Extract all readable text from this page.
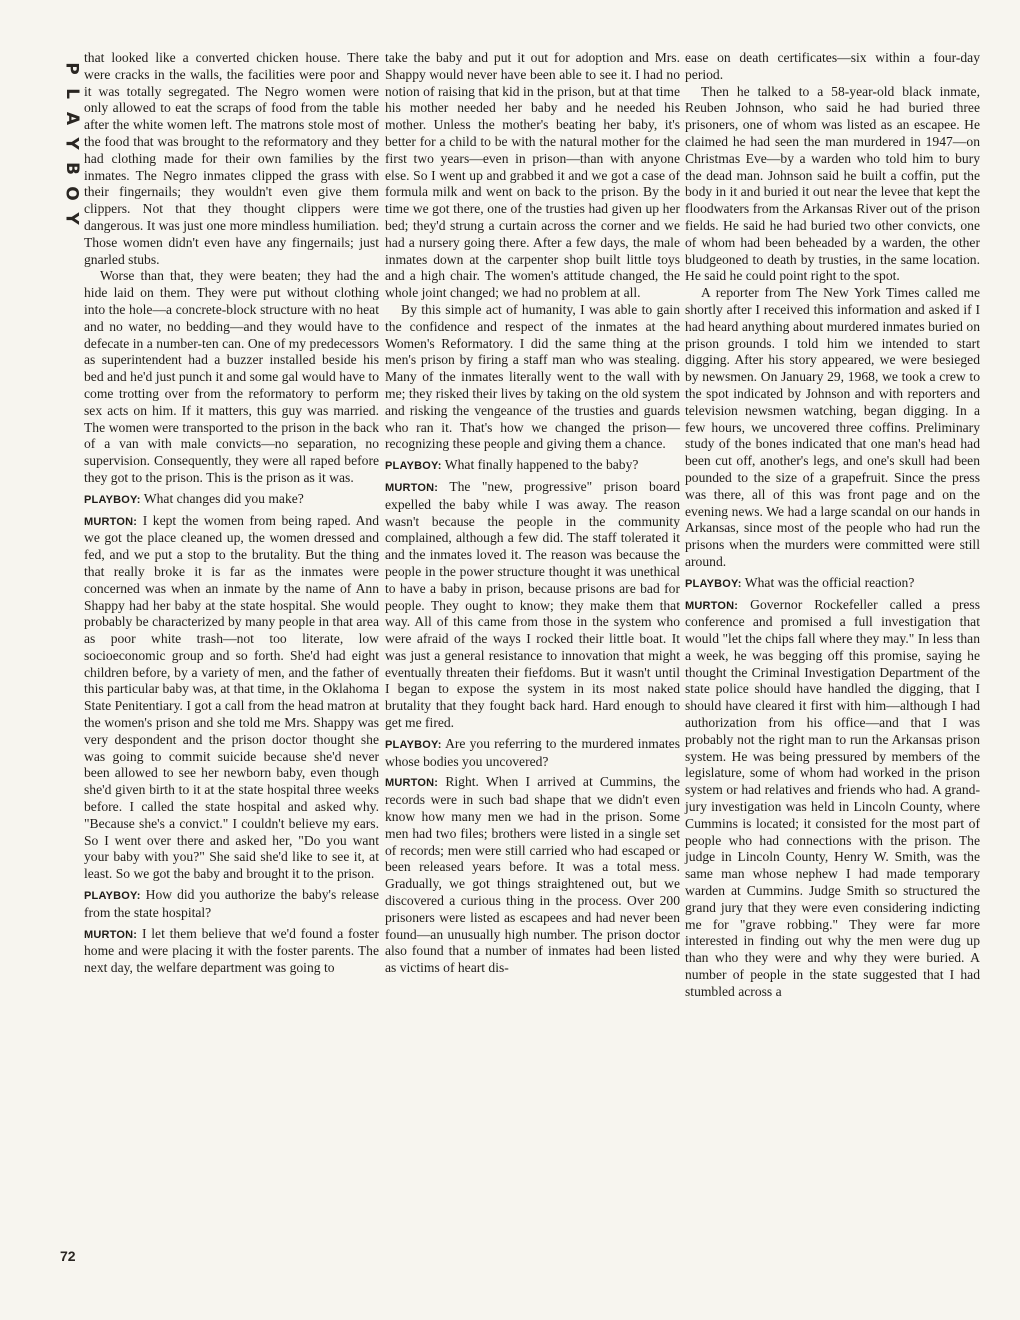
P
L
A
Y
B
O
Y

that looked like a converted chicken house. There were cracks in the walls, the facilities were poor and it was totally segregated. The Negro women were only allowed to eat the scraps of food from the table after the white women left. The matrons stole most of the food that was brought to the reformatory and they had clothing made for their own families by the inmates. The Negro inmates clipped the grass with their fingernails; they wouldn't even give them clippers. Not that they thought clippers were dangerous. It was just one more mindless humiliation. Those women didn't even have any fingernails; just gnarled stubs.

Worse than that, they were beaten; they had the hide laid on them. They were put without clothing into the hole—a concrete-block structure with no heat and no water, no bedding—and they would have to defecate in a number-ten can. One of my predecessors as superintendent had a buzzer installed beside his bed and he'd just punch it and some gal would have to come trotting over from the reformatory to perform sex acts on him. If it matters, this guy was married. The women were transported to the prison in the back of a van with male convicts—no separation, no supervision. Consequently, they were all raped before they got to the prison. This is the prison as it was.

PLAYBOY: What changes did you make?

MURTON: I kept the women from being raped. And we got the place cleaned up, the women dressed and fed, and we put a stop to the brutality. But the thing that really broke it is far as the inmates were concerned was when an inmate by the name of Ann Shappy had her baby at the state hospital. She would probably be characterized by many people in that area as poor white trash—not too literate, low socioeconomic group and so forth. She'd had eight children before, by a variety of men, and the father of this particular baby was, at that time, in the Oklahoma State Penitentiary. I got a call from the head matron at the women's prison and she told me Mrs. Shappy was very despondent and the prison doctor thought she was going to commit suicide because she'd never been allowed to see her newborn baby, even though she'd given birth to it at the state hospital three weeks before. I called the state hospital and asked why. "Because she's a convict." I couldn't believe my ears. So I went over there and asked her, "Do you want your baby with you?" She said she'd like to see it, at least. So we got the baby and brought it to the prison.

PLAYBOY: How did you authorize the baby's release from the state hospital?

MURTON: I let them believe that we'd found a foster home and were placing it with the foster parents. The next day, the welfare department was going to

take the baby and put it out for adoption and Mrs. Shappy would never have been able to see it. I had no notion of raising that kid in the prison, but at that time his mother needed her baby and he needed his mother. Unless the mother's beating her baby, it's better for a child to be with the natural mother for the first two years—even in prison—than with anyone else. So I went up and grabbed it and we got a case of formula milk and went on back to the prison. By the time we got there, one of the trusties had given up her bed; they'd strung a curtain across the corner and we had a nursery going there. After a few days, the male inmates down at the carpenter shop built little toys and a high chair. The women's attitude changed, the whole joint changed; we had no problem at all.

By this simple act of humanity, I was able to gain the confidence and respect of the inmates at the Women's Reformatory. I did the same thing at the men's prison by firing a staff man who was stealing. Many of the inmates literally went to the wall with me; they risked their lives by taking on the old system and risking the vengeance of the trusties and guards who ran it. That's how we changed the prison—recognizing these people and giving them a chance.

PLAYBOY: What finally happened to the baby?

MURTON: The "new, progressive" prison board expelled the baby while I was away. The reason wasn't because the people in the community complained, although a few did. The staff tolerated it and the inmates loved it. The reason was because the people in the power structure thought it was unethical to have a baby in prison, because prisons are bad for people. They ought to know; they make them that way. All of this came from those in the system who were afraid of the ways I rocked their little boat. It was just a general resistance to innovation that might eventually threaten their fiefdoms. But it wasn't until I began to expose the system in its most naked brutality that they fought back hard. Hard enough to get me fired.

PLAYBOY: Are you referring to the murdered inmates whose bodies you uncovered?

MURTON: Right. When I arrived at Cummins, the records were in such bad shape that we didn't even know how many men we had in the prison. Some men had two files; brothers were listed in a single set of records; men were still carried who had escaped or been released years before. It was a total mess. Gradually, we got things straightened out, but we discovered a curious thing in the process. Over 200 prisoners were listed as escapees and had never been found—an unusually high number. The prison doctor also found that a number of inmates had been listed as victims of heart dis-

ease on death certificates—six within a four-day period.

Then he talked to a 58-year-old black inmate, Reuben Johnson, who said he had buried three prisoners, one of whom was listed as an escapee. He claimed he had seen the man murdered in 1947—on Christmas Eve—by a warden who told him to bury the dead man. Johnson said he built a coffin, put the body in it and buried it out near the levee that kept the floodwaters from the Arkansas River out of the prison fields. He said he had buried two other convicts, one of whom had been beheaded by a warden, the other bludgeoned to death by trusties, in the same location. He said he could point right to the spot.

A reporter from The New York Times called me shortly after I received this information and asked if I had heard anything about murdered inmates buried on prison grounds. I told him we intended to start digging. After his story appeared, we were besieged by newsmen. On January 29, 1968, we took a crew to the spot indicated by Johnson and with reporters and television newsmen watching, began digging. In a few hours, we uncovered three coffins. Preliminary study of the bones indicated that one man's head had been cut off, another's legs, and one's skull had been pounded to the size of a grapefruit. Since the press was there, all of this was front page and on the evening news. We had a large scandal on our hands in Arkansas, since most of the people who had run the prisons when the murders were committed were still around.

PLAYBOY: What was the official reaction?

MURTON: Governor Rockefeller called a press conference and promised a full investigation that would "let the chips fall where they may." In less than a week, he was begging off this promise, saying he thought the Criminal Investigation Department of the state police should have handled the digging, that I should have cleared it first with him—although I had authorization from his office—and that I was probably not the right man to run the Arkansas prison system. He was being pressured by members of the legislature, some of whom had worked in the prison system or had relatives and friends who had. A grand-jury investigation was held in Lincoln County, where Cummins is located; it consisted for the most part of people who had connections with the prison. The judge in Lincoln County, Henry W. Smith, was the same man whose nephew I had made temporary warden at Cummins. Judge Smith so structured the grand jury that they were even considering indicting me for "grave robbing." They were far more interested in finding out why the men were dug up than who they were and why they were buried. A number of people in the state suggested that I had stumbled across a

72
